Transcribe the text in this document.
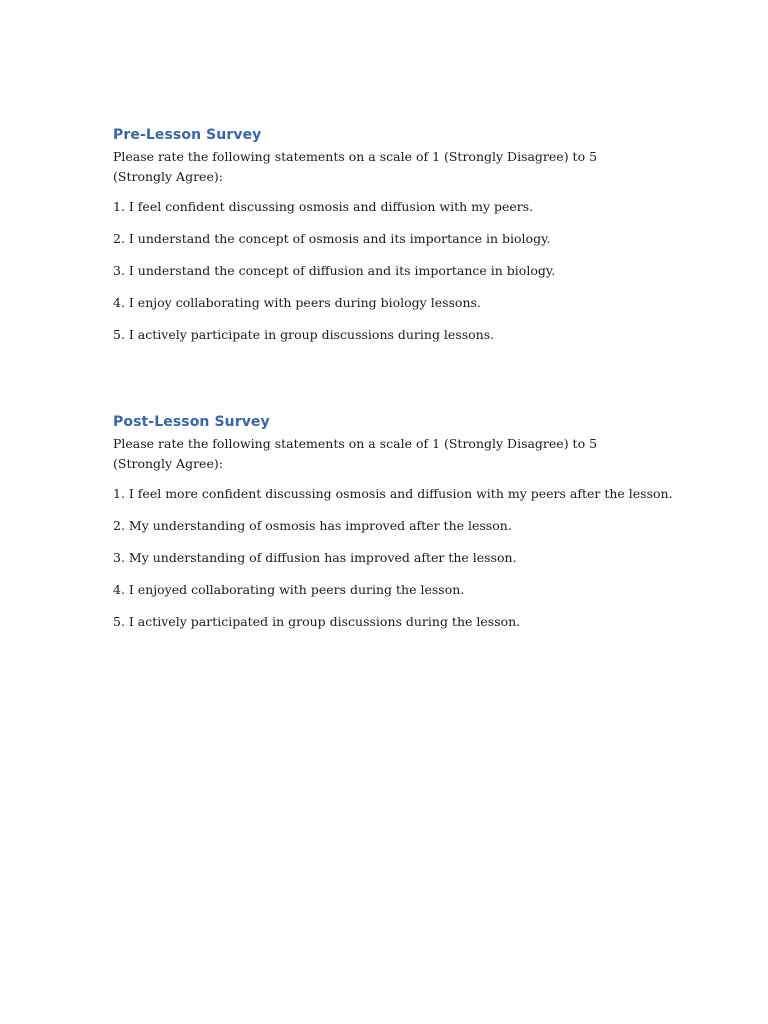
Pre-Lesson Survey

Please rate the following statements on a scale of 1 (Strongly Disagree) to 5 (Strongly Agree):

1. I feel confident discussing osmosis and diffusion with my peers.
2. I understand the concept of osmosis and its importance in biology.
3. I understand the concept of diffusion and its importance in biology.
4. I enjoy collaborating with peers during biology lessons.
5. I actively participate in group discussions during lessons.
Post-Lesson Survey

Please rate the following statements on a scale of 1 (Strongly Disagree) to 5 (Strongly Agree):

1. I feel more confident discussing osmosis and diffusion with my peers after the lesson.
2. My understanding of osmosis has improved after the lesson.
3. My understanding of diffusion has improved after the lesson.
4. I enjoyed collaborating with peers during the lesson.
5. I actively participated in group discussions during the lesson.
